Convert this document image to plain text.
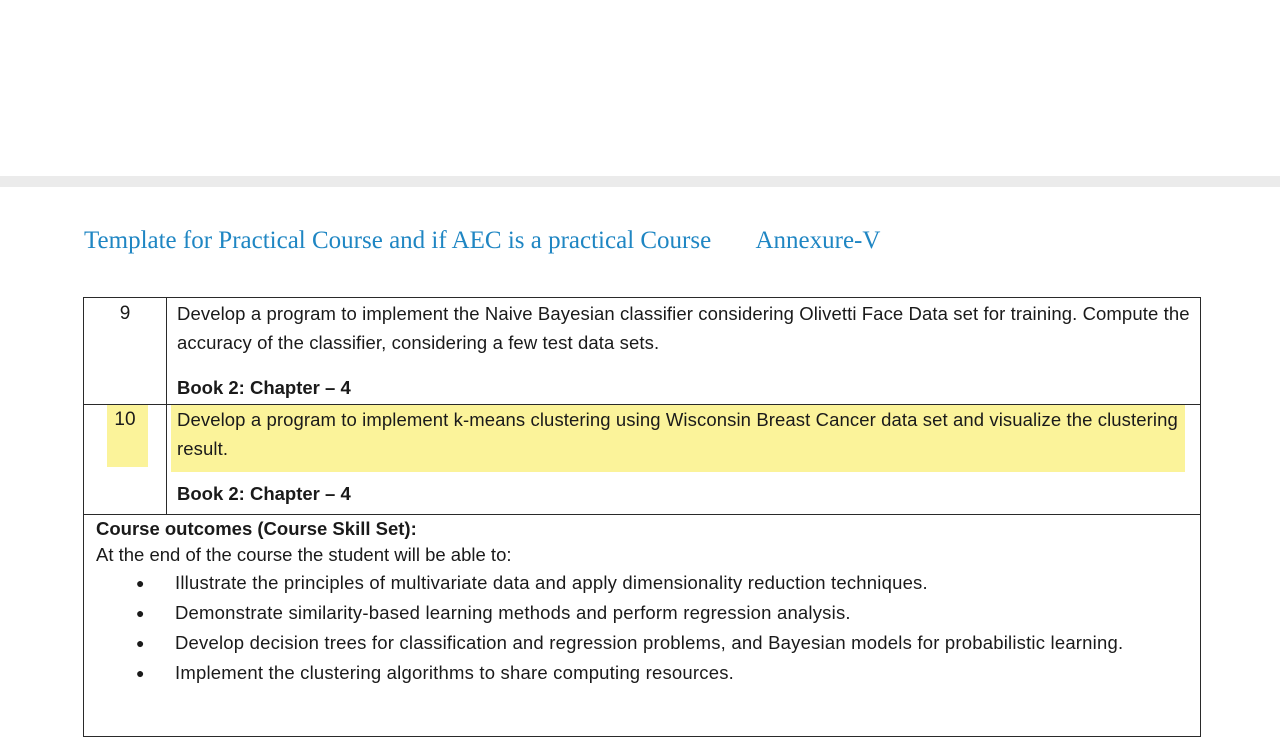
Template for Practical Course and if AEC is a practical Course Annexure-V
9	Develop a program to implement the Naive Bayesian classifier considering Olivetti Face Data set for training. Compute the accuracy of the classifier, considering a few test data sets.
Book 2: Chapter – 4
10	Develop a program to implement k-means clustering using Wisconsin Breast Cancer data set and visualize the clustering result.
Book 2: Chapter – 4
Course outcomes (Course Skill Set):
At the end of the course the student will be able to:
● Illustrate the principles of multivariate data and apply dimensionality reduction techniques.
● Demonstrate similarity-based learning methods and perform regression analysis.
● Develop decision trees for classification and regression problems, and Bayesian models for probabilistic learning.
● Implement the clustering algorithms to share computing resources.
